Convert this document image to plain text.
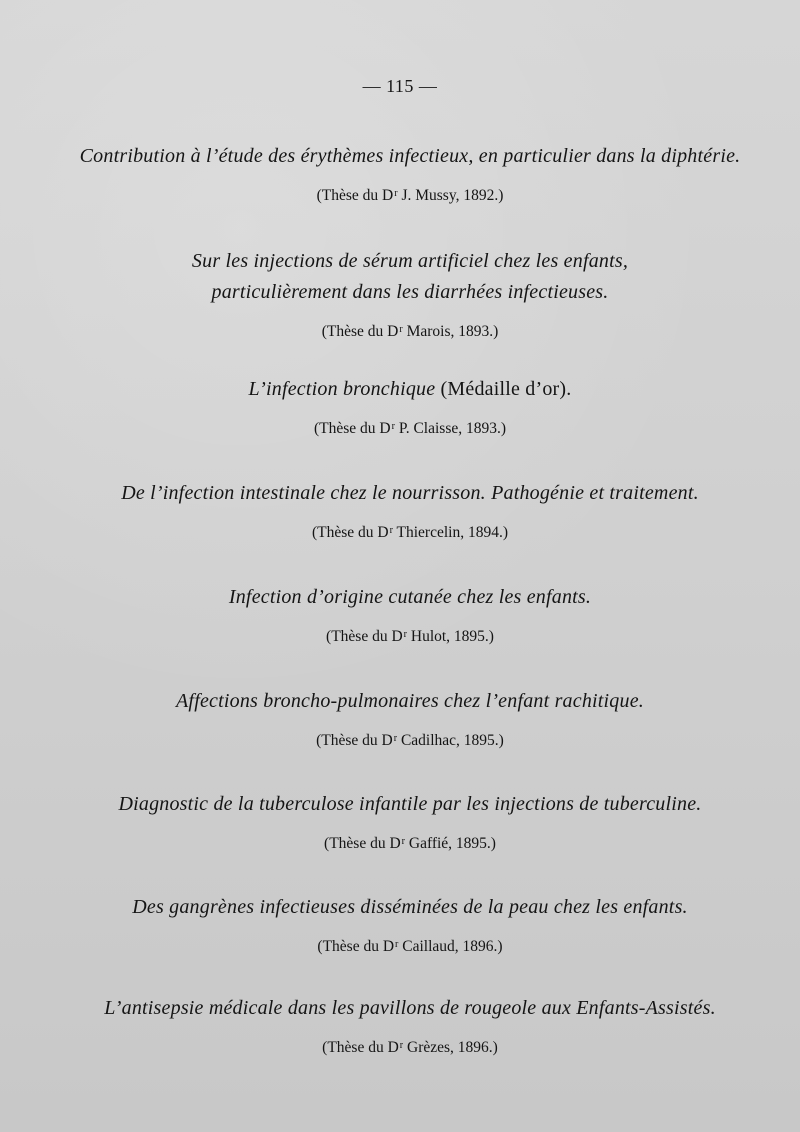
— 115 —
Contribution à l’étude des érythèmes infectieux, en particulier dans la diphtérie.
(Thèse du $D^r$ J. Mussy, 1892.)
Sur les injections de sérum artificiel chez les enfants,
particulièrement dans les diarrhées infectieuses.
(Thèse du $D^r$ Marois, 1893.)
L’infection bronchique (Médaille d’or).
(Thèse du $D^r$ P. Claisse, 1893.)
De l’infection intestinale chez le nourrisson. Pathogénie et traitement.
(Thèse du $D^r$ Thiercelin, 1894.)
Infection d’origine cutanée chez les enfants.
(Thèse du $D^r$ Hulot, 1895.)
Affections broncho-pulmonaires chez l’enfant rachitique.
(Thèse du $D^r$ Cadilhac, 1895.)
Diagnostic de la tuberculose infantile par les injections de tuberculine.
(Thèse du $D^r$ Gaffié, 1895.)
Des gangrènes infectieuses disséminées de la peau chez les enfants.
(Thèse du $D^r$ Caillaud, 1896.)
L’antisepsie médicale dans les pavillons de rougeole aux Enfants-Assistés.
(Thèse du $D^r$ Grèzes, 1896.)
